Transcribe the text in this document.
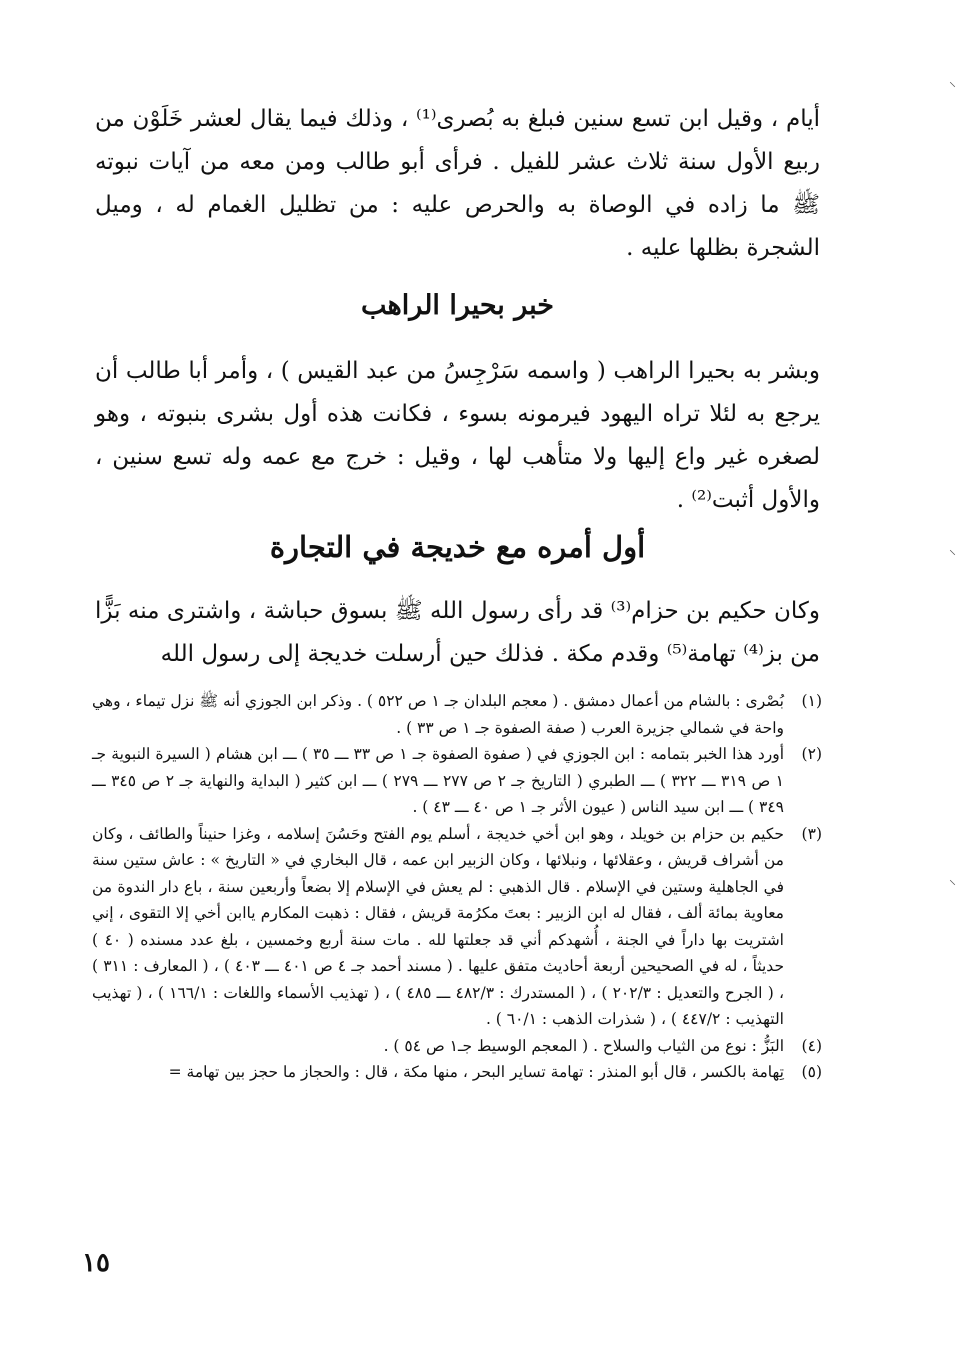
أيام ، وقيل ابن تسع سنين فبلغ به بُصرى⁽¹⁾ ، وذلك فيما يقال لعشر خَلَوْن من ربيع الأول سنة ثلاث عشر للفيل . فرأى أبو طالب ومن معه من آيات نبوته ﷺ ما زاده في الوصاة به والحرص عليه : من تظليل الغمام له ، وميل الشجرة بظلها عليه .

خبر بحيرا الراهب

وبشر به بحيرا الراهب ( واسمه سَرْجِسُ من عبد القيس ) ، وأمر أبا طالب أن يرجع به لئلا تراه اليهود فيرمونه بسوء ، فكانت هذه أول بشرى بنبوته ، وهو لصغره غير واع إليها ولا متأهب لها ، وقيل : خرج مع عمه وله تسع سنين ، والأول أثبت⁽²⁾ .

أول أمره مع خديجة في التجارة

وكان حكيم بن حزام⁽³⁾ قد رأى رسول الله ﷺ بسوق حباشة ، واشترى منه بَزًّا من بز⁽⁴⁾ تهامة⁽⁵⁾ وقدم مكة . فذلك حين أرسلت خديجة إلى رسول الله

(١)
بُصْرى : بالشام من أعمال دمشق . ( معجم البلدان جـ ١ ص ٥٢٢ ) . وذكر ابن الجوزي أنه ﷺ نزل تيماء ، وهي واحة في شمالي جزيرة العرب ( صفة الصفوة جـ ١ ص ٣٣ ) .
(٢)
أورد هذا الخبر بتمامه : ابن الجوزي في ( صفوة الصفوة جـ ١ ص ٣٣ ـــ ٣٥ ) ـــ ابن هشام ( السيرة النبوية جـ ١ ص ٣١٩ ـــ ٣٢٢ ) ـــ الطبري ( التاريخ جـ ٢ ص ٢٧٧ ـــ ٢٧٩ ) ـــ ابن كثير ( البداية والنهاية جـ ٢ ص ٣٤٥ ـــ ٣٤٩ ) ـــ ابن سيد الناس ( عيون الأثر جـ ١ ص ٤٠ ـــ ٤٣ ) .
(٣)
حكيم بن حزام بن خويلد ، وهو ابن أخي خديجة ، أسلم يوم الفتح وحَسُنَ إسلامه ، وغزا حنيناً والطائف ، وكان من أشراف قريش ، وعقلائها ، ونبلائها ، وكان الزبير ابن عمه ، قال البخاري في « التاريخ » : عاش ستين سنة في الجاهلية وستين في الإسلام . قال الذهبي : لم يعش في الإسلام إلا بضعاً وأربعين سنة ، باع دار الندوة من معاوية بمائة ألف ، فقال له ابن الزبير : بعتَ مكرُمة قريش ، فقال : ذهبت المكارم ياابن أخي إلا التقوى ، إني اشتريت بها داراً في الجنة ، أُشهدكم أني قد جعلتها لله . مات سنة أربع وخمسين ، بلغ عدد مسنده ( ٤٠ ) حديثاً ، له في الصحيحين أربعة أحاديث متفق عليها . ( مسند أحمد جـ ٤ ص ٤٠١ ـــ ٤٠٣ ) ، ( المعارف : ٣١١ ) ، ( الجرح والتعديل : ٢٠٢/٣ ) ، ( المستدرك : ٤٨٢/٣ ـــ ٤٨٥ ) ، ( تهذيب الأسماء واللغات : ١٦٦/١ ) ، ( تهذيب التهذيب : ٤٤٧/٢ ) ، ( شذرات الذهب : ٦٠/١ ) .
(٤)
البَزُّ : نوع من الثياب والسلاح . ( المعجم الوسيط جـ١ ص ٥٤ ) .
(٥)
تِهامة بالكسر ، قال أبو المنذر : تهامة تساير البحر ، منها مكة ، قال : والحجاز ما حجز بين تهامة =
١٥
⸝
⸝
⸝
